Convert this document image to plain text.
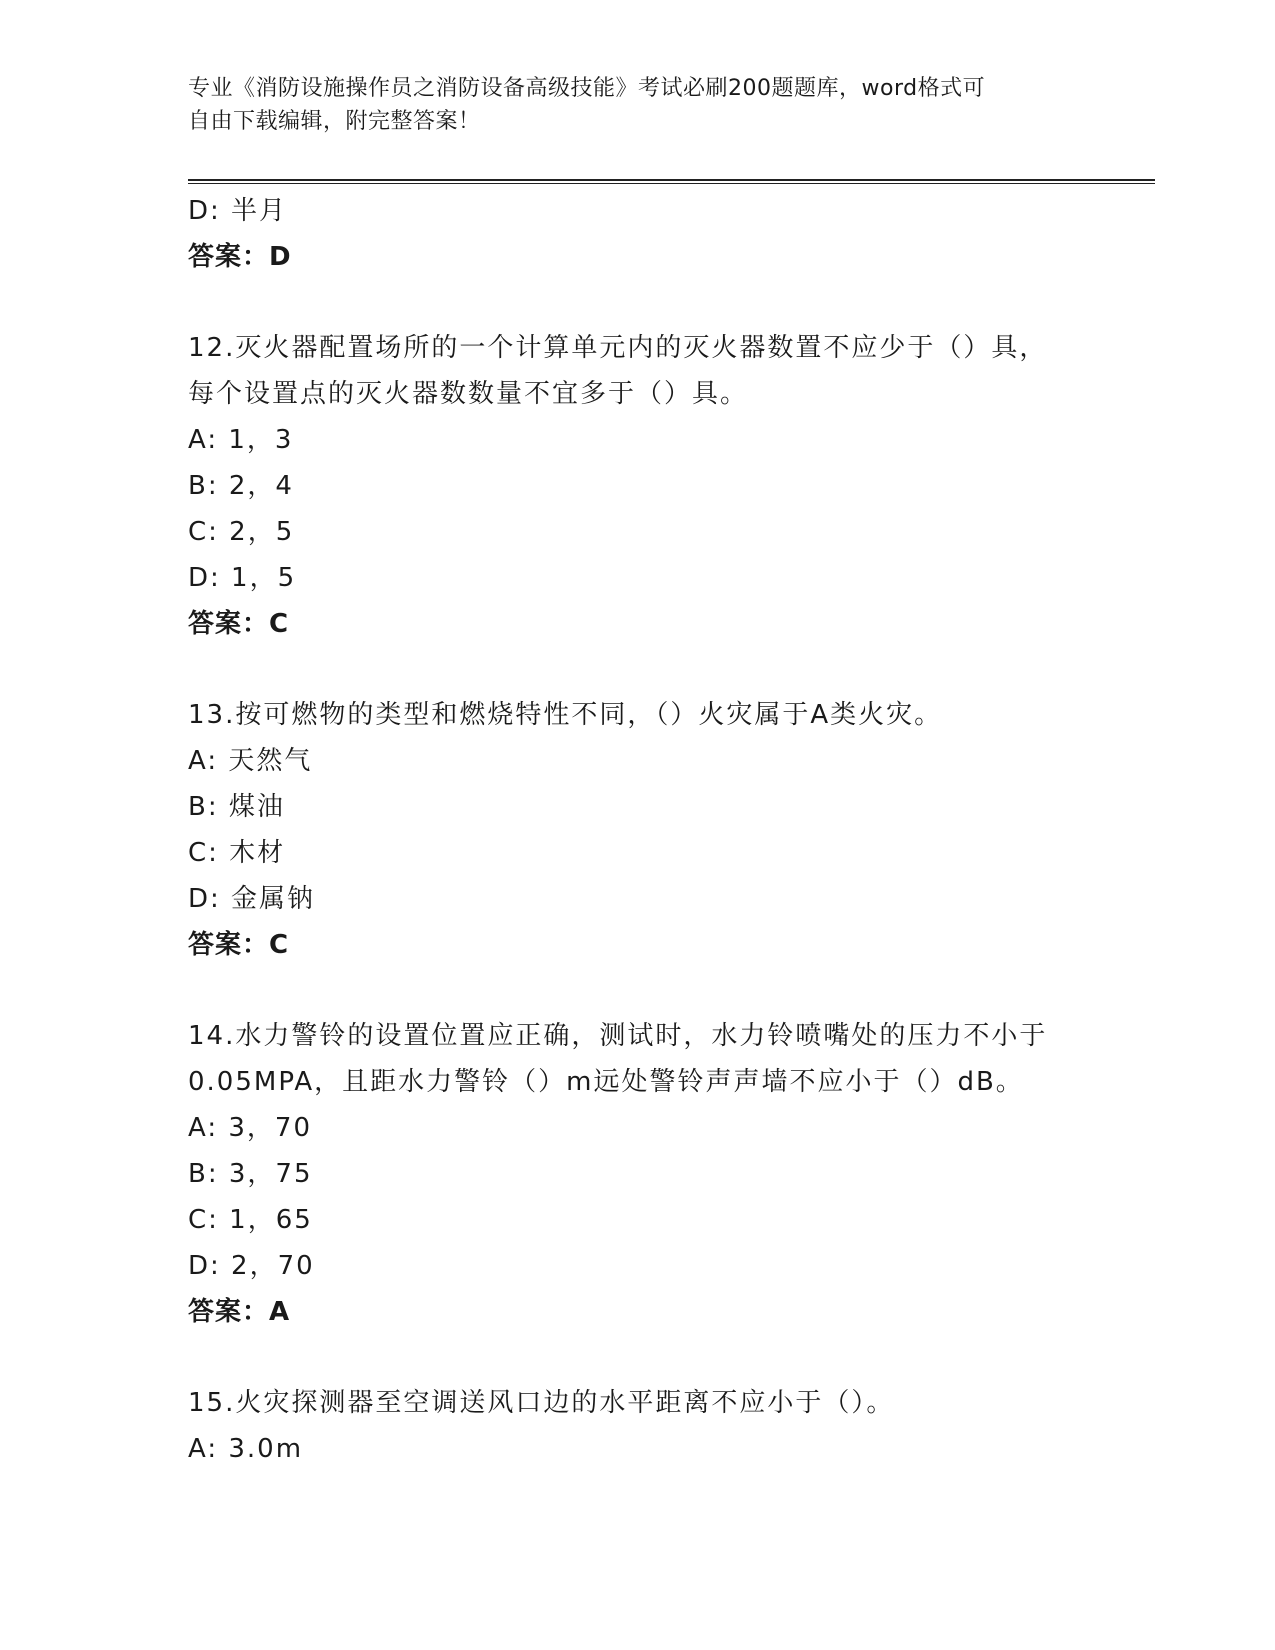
专业《消防设施操作员之消防设备高级技能》考试必刷200题题库，word格式可
自由下载编辑，附完整答案！
D: 半月
答案：D
12.灭火器配置场所的一个计算单元内的灭火器数置不应少于（）具，
每个设置点的灭火器数数量不宜多于（）具。
A: 1，3
B: 2，4
C: 2，5
D: 1，5
答案：C
13.按可燃物的类型和燃烧特性不同，（）火灾属于A类火灾。
A: 天然气
B: 煤油
C: 木材
D: 金属钠
答案：C
14.水力警铃的设置位置应正确，测试时，水力铃喷嘴处的压力不小于
0.05MPA，且距水力警铃（）m远处警铃声声墙不应小于（）dB。
A: 3，70
B: 3，75
C: 1，65
D: 2，70
答案：A
15.火灾探测器至空调送风口边的水平距离不应小于（）。
A: 3.0m
